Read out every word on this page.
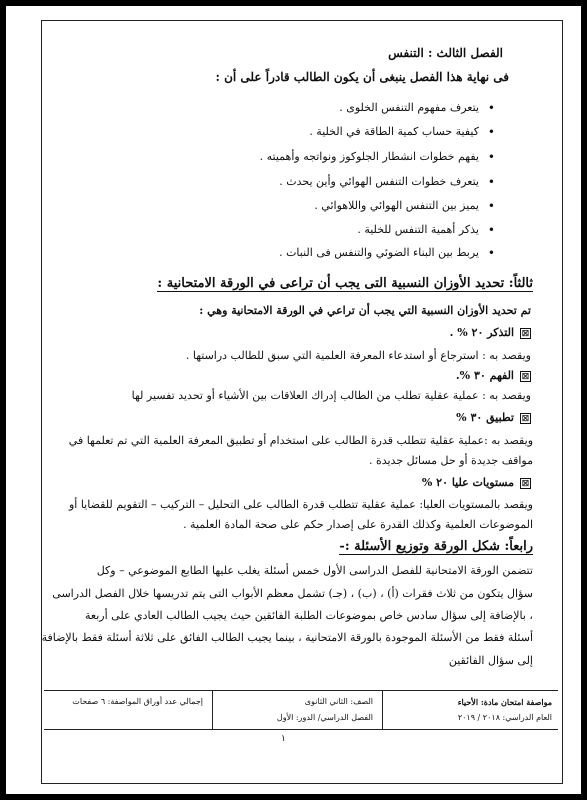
الفصل الثالث : التنفس
فى نهاية هذا الفصل ينبغى أن يكون الطالب قادراً على أن :
•
يتعرف مفهوم التنفس الخلوى .
•
كيفية حساب كمية الطاقة في الخلية .
•
يفهم خطوات انشطار الجلوكوز ونواتجه وأهميته .
•
يتعرف خطوات التنفس الهوائي وأين يحدث .
•
يميز بين التنفس الهوائي واللاهوائي .
•
يذكر أهمية التنفس للخلية .
•
يربط بين البناء الضوئي والتنفس فى النبات .
ثالثاً: تحديد الأوزان النسبية التى يجب أن تراعى في الورقة الامتحانية :
تم تحديد الأوزان النسبية التي يجب أن تراعي في الورقة الامتحانية وهي :
☒التذكر ٢٠ % .
ويقصد به : استرجاع أو استدعاء المعرفة العلمية التي سبق للطالب دراستها .
☒الفهم ٣٠ %.
ويقصد به : عملية عقلية تطلب من الطالب إدراك العلاقات بين الأشياء أو تحديد تفسير لها
☒تطبيق ٣٠ %
ويقصد به :عملية عقلية تتطلب قدرة الطالب على استخدام أو تطبيق المعرفة العلمية التي تم تعلمها في
مواقف جديدة أو حل مسائل جديدة .
☒مستويات عليا ٢٠ %
ويقصد بالمستويات العليا: عملية عقلية تتطلب قدرة الطالب على التحليل – التركيب – التقويم للقضايا أو
الموضوعات العلمية وكذلك القدرة على إصدار حكم على صحة المادة العلمية .
رابعاً: شكل الورقة وتوزيع الأسئلة :-
تتضمن الورقة الامتحانية للفصل الدراسى الأول خمس أسئلة يغلب عليها الطابع الموضوعي – وكل
سؤال يتكون من ثلاث فقرات (أ) ، (ب) ، (جـ) تشمل معظم الأبواب التى يتم تدريسها خلال الفصل الدراسى
، بالإضافة إلى سؤال سادس خاص بموضوعات الطلبة الفائقين حيث يجيب الطالب العادي على أربعة
أسئلة فقط من الأسئلة الموجودة بالورقة الامتحانية ، بينما يجيب الطالب الفائق على ثلاثة أسئلة فقط بالإضافة
إلى سؤال الفائقين
مواصفة امتحان مادة: الأحياء
العام الدراسي: ٢٠١٨ / ٢٠١٩
الصف: الثاني الثانوى
الفصل الدراسي/ الدور: الأول
إجمالي عدد أوراق المواصفة: ٦ صفحات
١
